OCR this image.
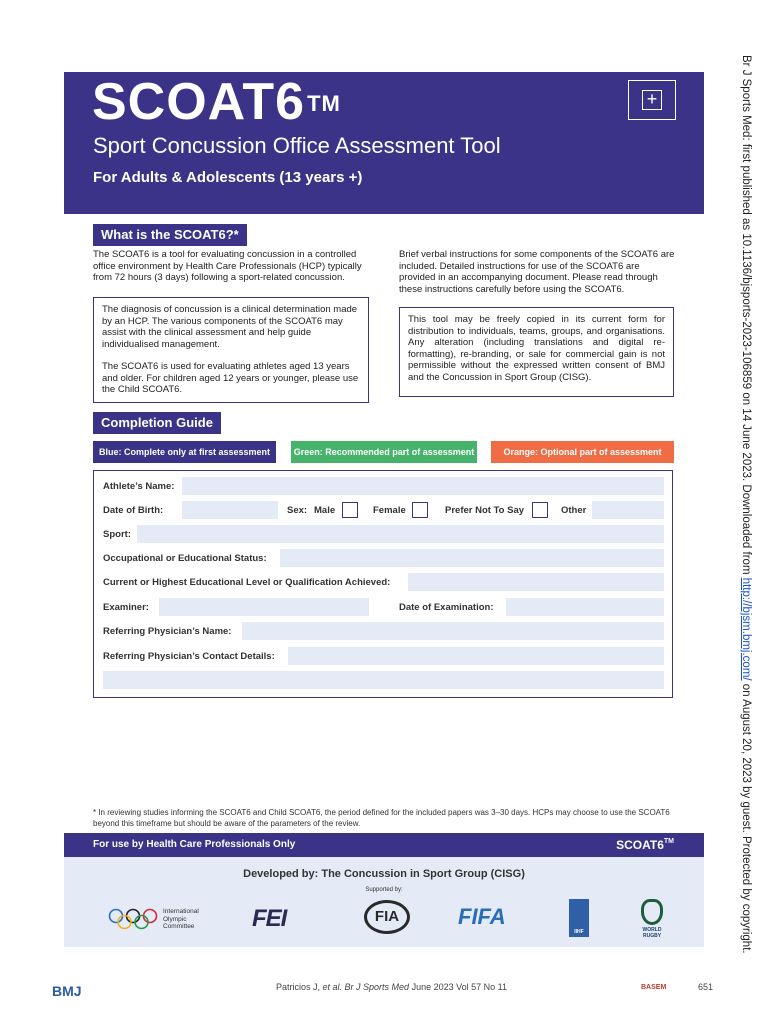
SCOAT6™
Sport Concussion Office Assessment Tool
For Adults & Adolescents (13 years +)
+
What is the SCOAT6?*
The SCOAT6 is a tool for evaluating concussion in a controlled office environment by Health Care Professionals (HCP) typically from 72 hours (3 days) following a sport-related concussion.

The diagnosis of concussion is a clinical determination made by an HCP. The various components of the SCOAT6 may assist with the clinical assessment and help guide individualised management.

The SCOAT6 is used for evaluating athletes aged 13 years and older. For children aged 12 years or younger, please use the Child SCOAT6.

Brief verbal instructions for some components of the SCOAT6 are included. Detailed instructions for use of the SCOAT6 are provided in an accompanying document. Please read through these instructions carefully before using the SCOAT6.
This tool may be freely copied in its current form for distribution to individuals, teams, groups, and organisations. Any alteration (including translations and digital re-formatting), re-branding, or sale for commercial gain is not permissible without the expressed written consent of BMJ and the Concussion in Sport Group (CISG).
Completion Guide
Blue: Complete only at first assessment	Green: Recommended part of assessment	Orange: Optional part of assessment
Athlete’s Name:
Date of Birth:	Sex: Male	Female	Prefer Not To Say	Other
Sport:
Occupational or Educational Status:
Current or Highest Educational Level or Qualification Achieved:
Examiner:	Date of Examination:
Referring Physician’s Name:
Referring Physician’s Contact Details:
* In reviewing studies informing the SCOAT6 and Child SCOAT6, the period defined for the included papers was 3–30 days. HCPs may choose to use the SCOAT6 beyond this timeframe but should be aware of the parameters of the review.
For use by Health Care Professionals Only	SCOAT6™
Developed by: The Concussion in Sport Group (CISG)
Supported by:
International
Olympic
Committee FEI	FIA	FIFA
IIHF	WORLD
RUGBY
Br J Sports Med: first published as 10.1136/bjsports-2023-106859 on 14 June 2023. Downloaded from http://bjsm.bmj.com/ on August 20, 2023 by guest. Protected by copyright.
BMJ	Patricios J, et al. Br J Sports Med June 2023 Vol 57 No 11	BASEM	651
